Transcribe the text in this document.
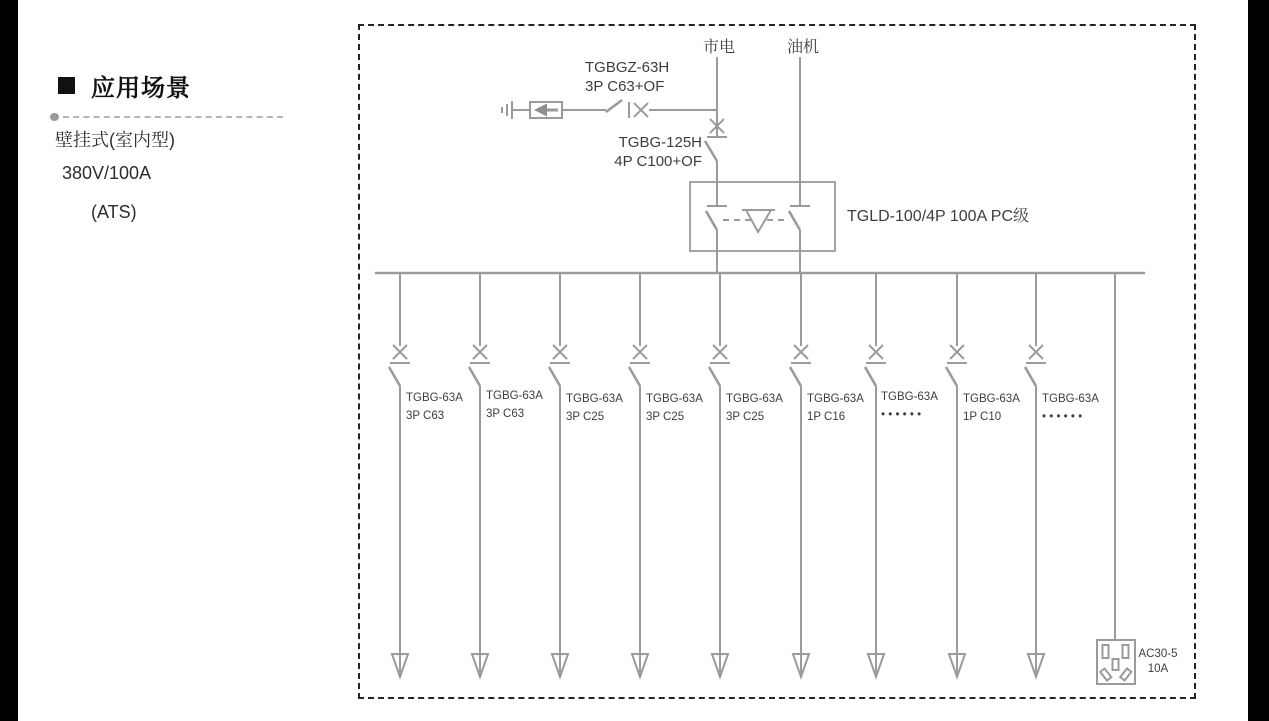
应用场景
壁挂式(室内型)
380V/100A
(ATS)
市电	油机
TGBGZ-63H
3P C63+OF
TGBG-125H
4P C100+OF
TGLD-100/4P 100A PC级
TGBG-63A
3P C63
TGBG-63A
3P C63
TGBG-63A
3P C25
TGBG-63A
3P C25
TGBG-63A
3P C25
TGBG-63A
1P C16
TGBG-63A
• • • • • •
TGBG-63A
1P C10
TGBG-63A
• • • • • •
AC30-5
10A
